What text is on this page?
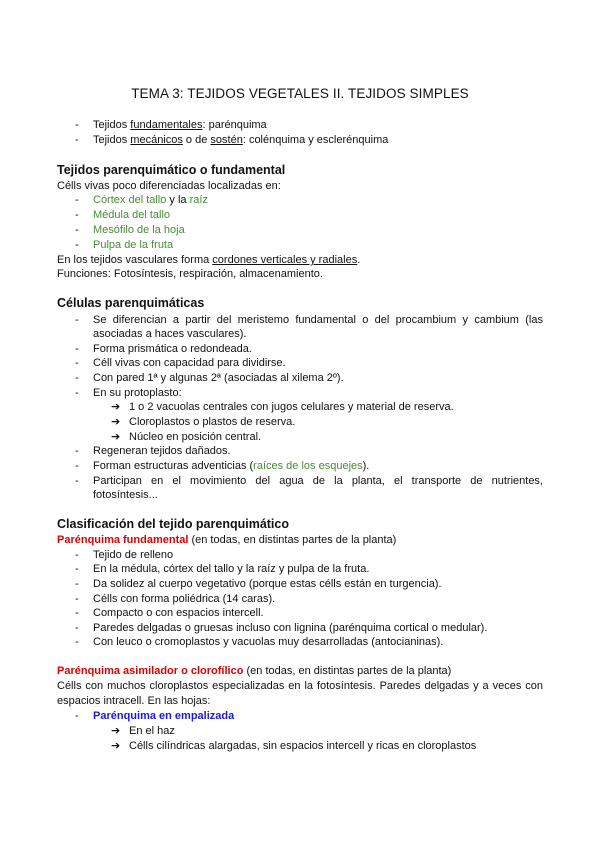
TEMA 3: TEJIDOS VEGETALES II. TEJIDOS SIMPLES
- Tejidos fundamentales: parénquima
- Tejidos mecánicos o de sostén: colénquima y esclerénquima
Tejidos parenquimático o fundamental
Célls vivas poco diferenciadas localizadas en:
- Córtex del tallo y la raíz
- Médula del tallo
- Mesófilo de la hoja
- Pulpa de la fruta
En los tejidos vasculares forma cordones verticales y radiales.
Funciones: Fotosíntesis, respiración, almacenamiento.
Células parenquimáticas
- Se diferencian a partir del meristemo fundamental o del procambium y cambium (las
asociadas a haces vasculares).
- Forma prismática o redondeada.
- Céll vivas con capacidad para dividirse.
- Con pared 1ª y algunas 2ª (asociadas al xilema 2º).
- En su protoplasto:
➔ 1 o 2 vacuolas centrales con jugos celulares y material de reserva.
➔ Cloroplastos o plastos de reserva.
➔ Núcleo en posición central.
- Regeneran tejidos dañados.
- Forman estructuras adventicias (raíces de los esquejes).
- Participan en el movimiento del agua de la planta, el transporte de nutrientes,
fotosíntesis...
Clasificación del tejido parenquimático
Parénquima fundamental (en todas, en distintas partes de la planta)
- Tejido de relleno
- En la médula, córtex del tallo y la raíz y pulpa de la fruta.
- Da solidez al cuerpo vegetativo (porque estas célls están en turgencia).
- Célls con forma poliédrica (14 caras).
- Compacto o con espacios intercell.
- Paredes delgadas o gruesas incluso con lignina (parénquima cortical o medular).
- Con leuco o cromoplastos y vacuolas muy desarrolladas (antocianinas).
Parénquima asimilador o clorofílico (en todas, en distintas partes de la planta)
Célls con muchos cloroplastos especializadas en la fotosíntesis. Paredes delgadas y a veces con
espacios intracell. En las hojas:
- Parénquima en empalizada
➔ En el haz
➔ Célls cilíndricas alargadas, sin espacios intercell y ricas en cloroplastos
